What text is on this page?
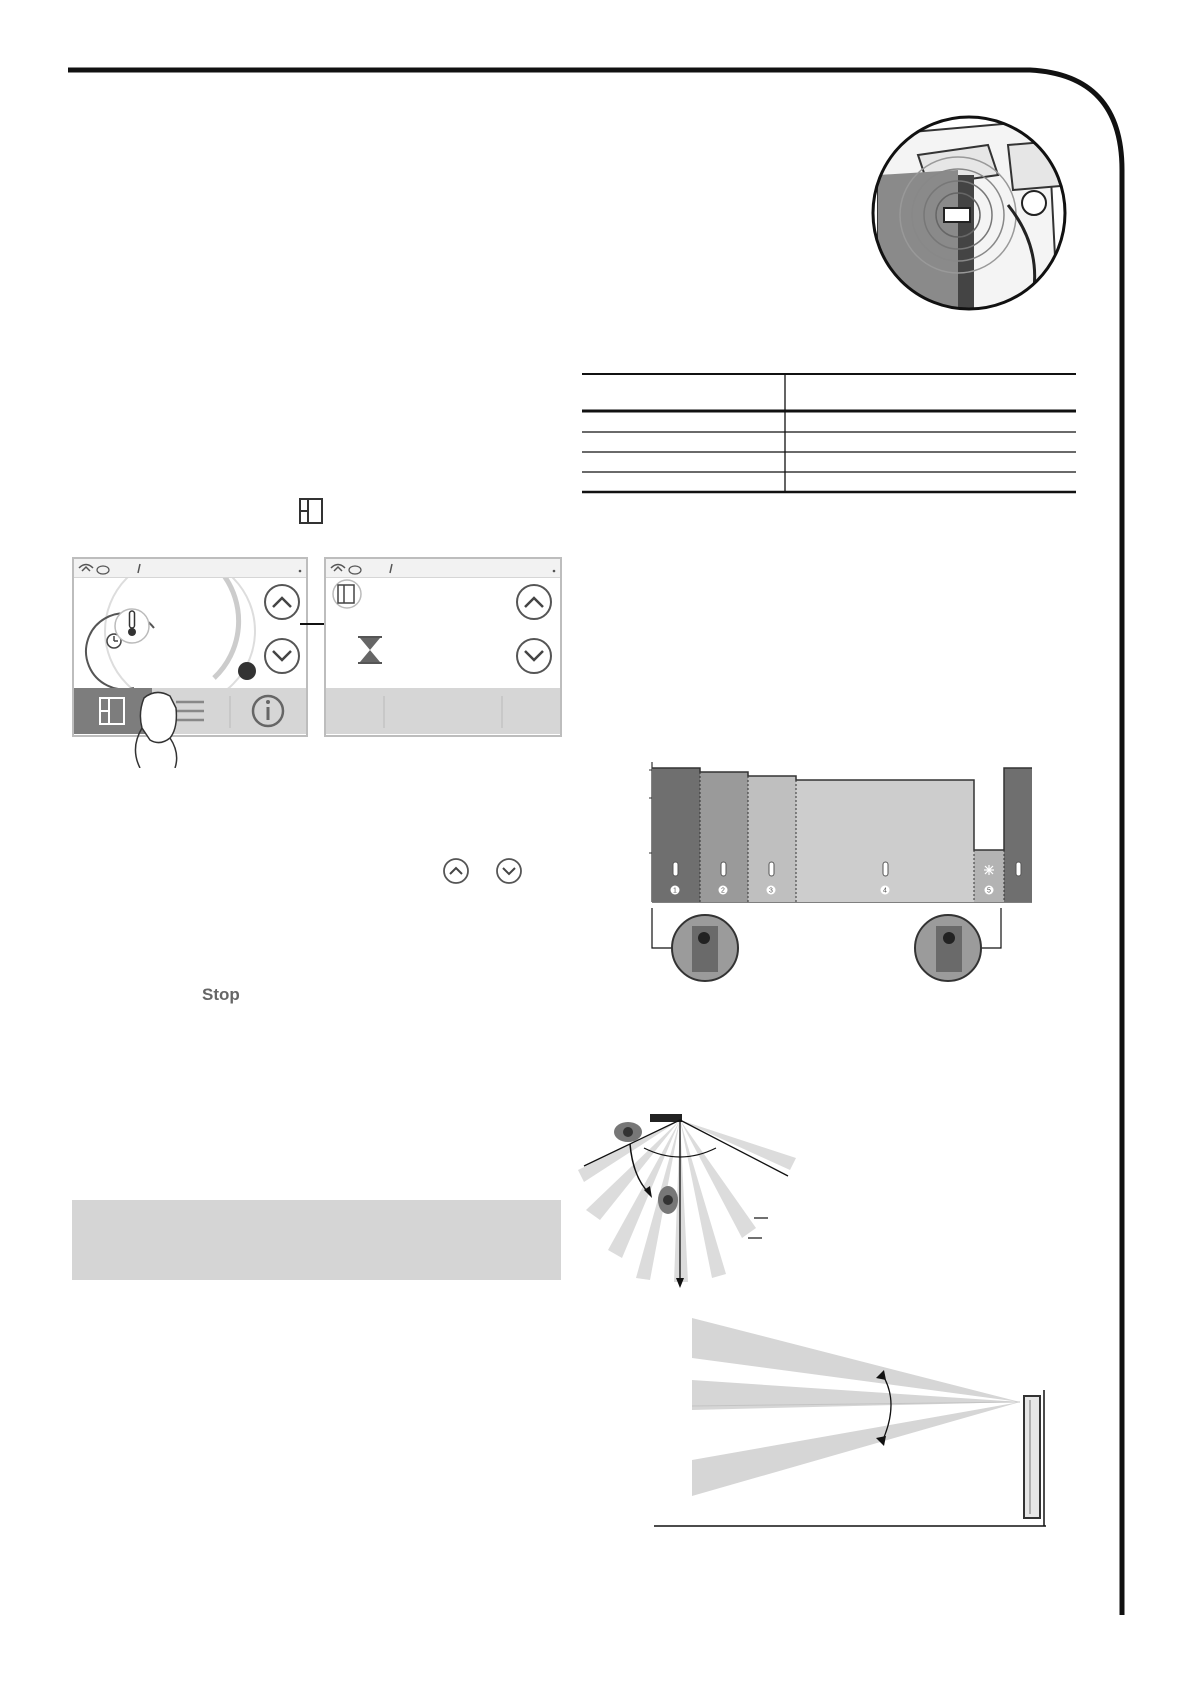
Stop
1	2	3	4	5
